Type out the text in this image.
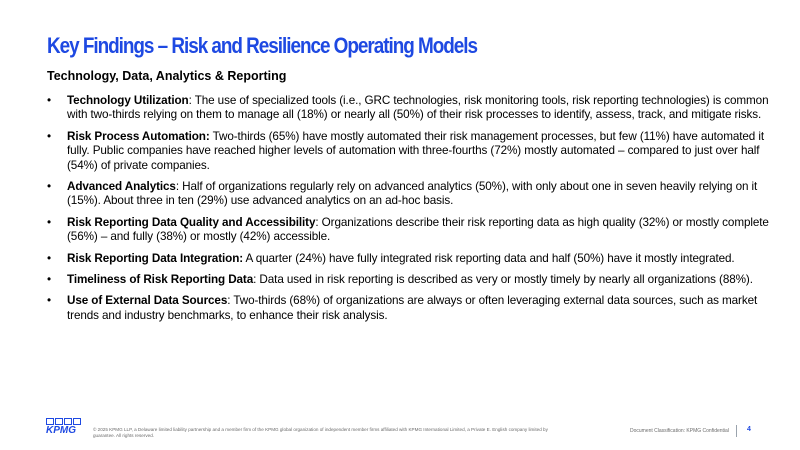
Key Findings – Risk and Resilience Operating Models
Technology, Data, Analytics & Reporting
• Technology Utilization: The use of specialized tools (i.e., GRC technologies, risk monitoring tools, risk reporting technologies) is common with two-thirds relying on them to manage all (18%) or nearly all (50%) of their risk processes to identify, assess, track, and mitigate risks.
• Risk Process Automation: Two-thirds (65%) have mostly automated their risk management processes, but few (11%) have automated it fully. Public companies have reached higher levels of automation with three-fourths (72%) mostly automated – compared to just over half (54%) of private companies.
• Advanced Analytics: Half of organizations regularly rely on advanced analytics (50%), with only about one in seven heavily relying on it (15%). About three in ten (29%) use advanced analytics on an ad-hoc basis.
• Risk Reporting Data Quality and Accessibility: Organizations describe their risk reporting data as high quality (32%) or mostly complete (56%) – and fully (38%) or mostly (42%) accessible.
• Risk Reporting Data Integration: A quarter (24%) have fully integrated risk reporting data and half (50%) have it mostly integrated.
• Timeliness of Risk Reporting Data: Data used in risk reporting is described as very or mostly timely by nearly all organizations (88%).
• Use of External Data Sources: Two-thirds (68%) of organizations are always or often leveraging external data sources, such as market trends and industry benchmarks, to enhance their risk analysis.
KPMG	© 2025 KPMG LLP, a Delaware limited liability partnership and a member firm of the KPMG global organization of independent member firms affiliated with KPMG International Limited, a Private E. English company limited by guarantee. All rights reserved.
Document Classification: KPMG Confidential	4
